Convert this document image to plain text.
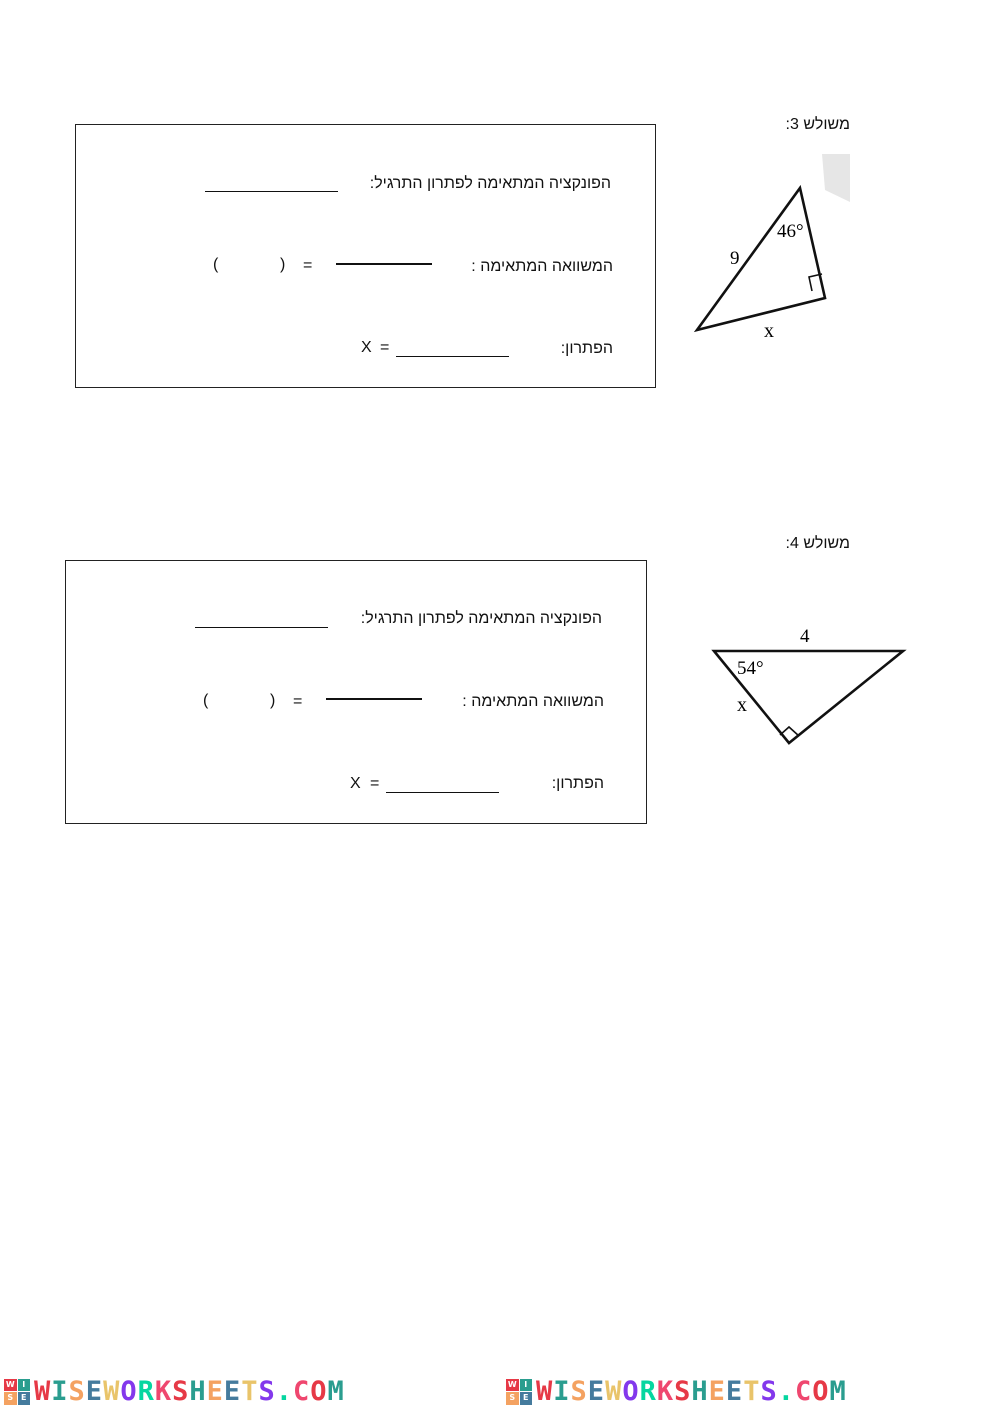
משולש 3:
הפונקציה המתאימה לפתרון התרגיל:
המשוואה המתאימה :
=
)
(
הפתרון:
X =
9
46°
x
משולש 4:
הפונקציה המתאימה לפתרון התרגיל:
המשוואה המתאימה :
=
)
(
הפתרון:
X =
4
54°
x
W I
S E WISEWORKSHEETS.COM	W I
S E WISEWORKSHEETS.COM
